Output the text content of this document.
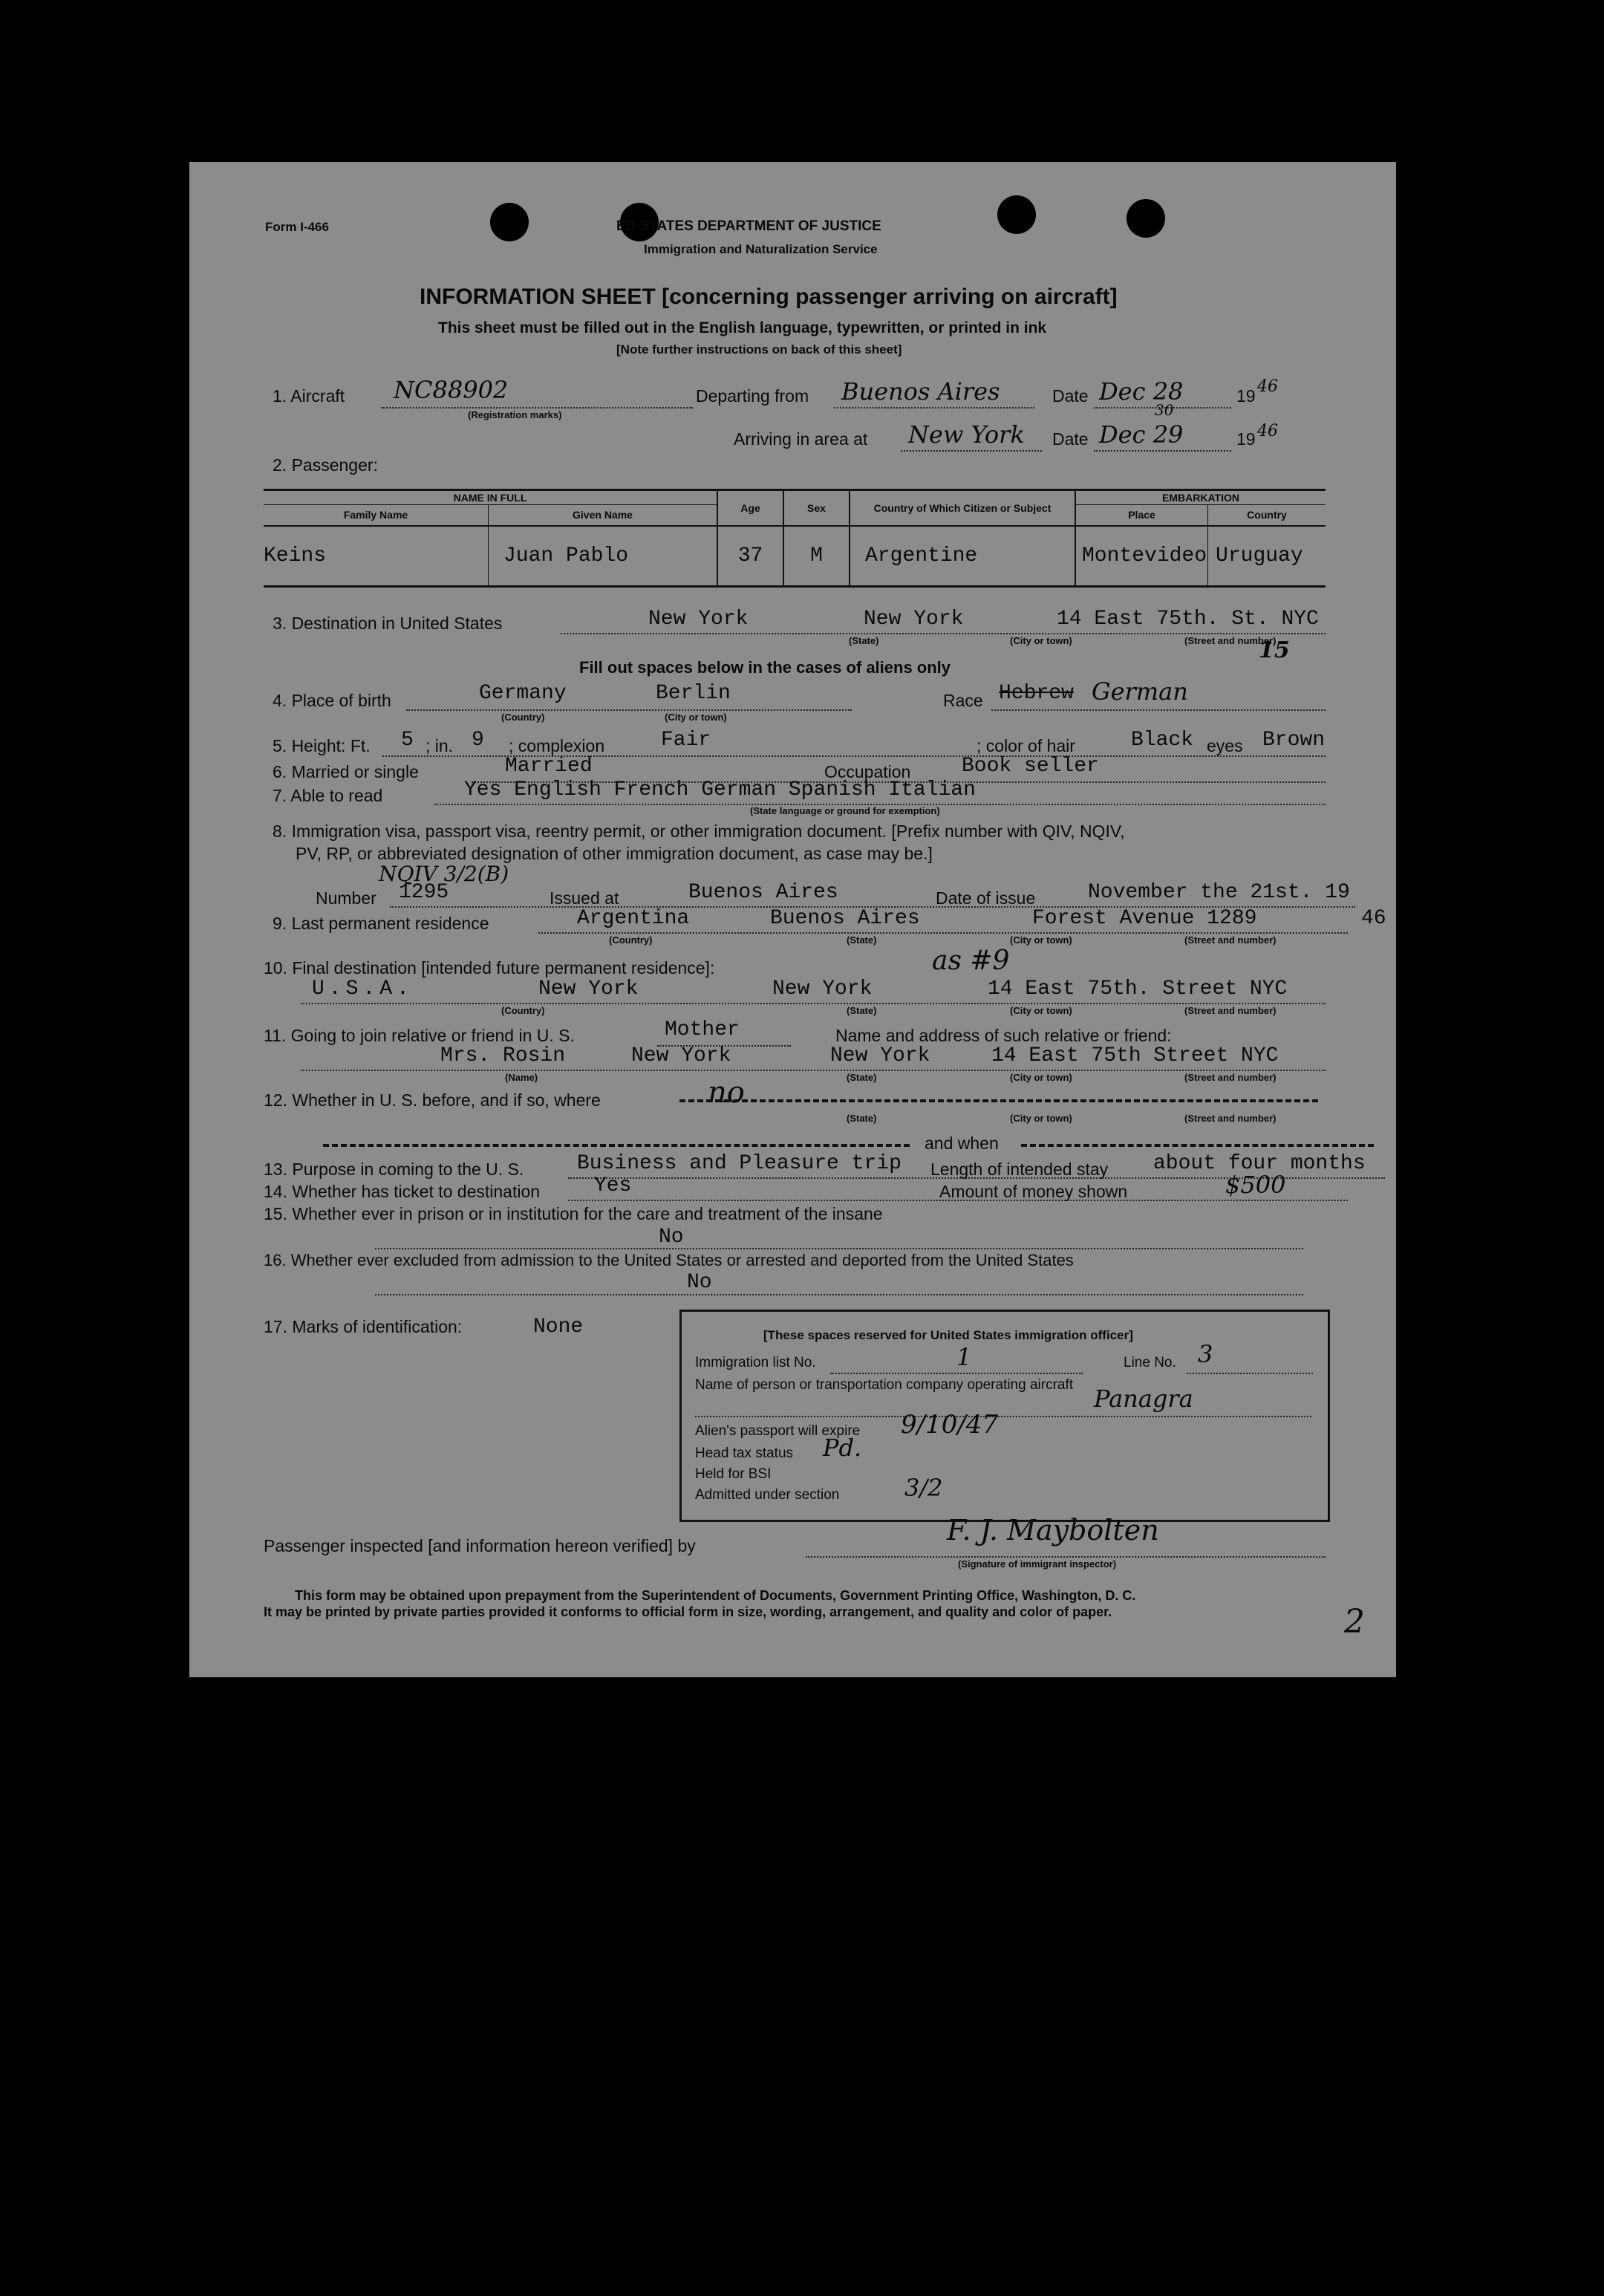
Form I-466	ED STATES DEPARTMENT OF JUSTICE
Immigration and Naturalization Service
INFORMATION SHEET [concerning passenger arriving on aircraft]
This sheet must be filled out in the English language, typewritten, or printed in ink
[Note further instructions on back of this sheet]
1. Aircraft NC88902
(Registration marks)
Departing from Buenos Aires	Date Dec 28	19 46
Arriving in area at New York Date Dec 29
30
19 46
2. Passenger:
NAME IN FULL		Age	Sex	Country of Which Citizen or Subject	EMBARKATION	
Family Name	Given Name				Place	Country
Keins	Juan Pablo	37	M	Argentine	Montevideo	Uruguay
3. Destination in United States	New York	New York	14 East 75th. St. NYC
(State)	(City or town)	(Street and number)
15
Fill out spaces below in the cases of aliens only
4. Place of birth	Germany	Berlin
(Country)	(City or town)
Race Hebrew German
5. Height: Ft. 5 ; in. 9 ; complexion	Fair	; color of hair	Black eyes Brown
6. Married or single	Married	Occupation Book seller
7. Able to read	Yes English French German Spanish Italian
(State language or ground for exemption)
8. Immigration visa, passport visa, reentry permit, or other immigration document. [Prefix number with QIV, NQIV,
PV, RP, or abbreviated designation of other immigration document, as case may be.]
NQIV 3/2(B)
Number 1295	Issued at	Buenos Aires	Date of issue	November the 21st. 19
46
9. Last permanent residence	Argentina	Buenos Aires	Forest Avenue 1289
(Country)	(State)	(City or town)	(Street and number)
10. Final destination [intended future permanent residence]:	as #9
U.S.A.	New York	New York	14 East 75th. Street NYC
(Country)	(State)	(City or town)	(Street and number)
11. Going to join relative or friend in U. S.	Mother	Name and address of such relative or friend:
Mrs. Rosin	New York	New York	14 East 75th Street NYC
(Name)	(State)	(City or town)	(Street and number)
12. Whether in U. S. before, and if so, where	no
(State)	(City or town)	(Street and number)
and when
13. Purpose in coming to the U. S.	Business and Pleasure trip Length of intended stay about four months
14. Whether has ticket to destination	Yes	Amount of money shown	$500
15. Whether ever in prison or in institution for the care and treatment of the insane
No
16. Whether ever excluded from admission to the United States or arrested and deported from the United States
No
17. Marks of identification:	None	[These spaces reserved for United States immigration officer]
Immigration list No.	1	Line No. 3
Name of person or transportation company operating aircraft Panagra
Alien's passport will expire 9/10/47
Head tax status Pd.
Held for BSI
Admitted under section	3/2
Passenger inspected [and information hereon verified] by	F. J. Maybolten
(Signature of immigrant inspector)
This form may be obtained upon prepayment from the Superintendent of Documents, Government Printing Office, Washington, D. C.
It may be printed by private parties provided it conforms to official form in size, wording, arrangement, and quality and color of paper.	2
